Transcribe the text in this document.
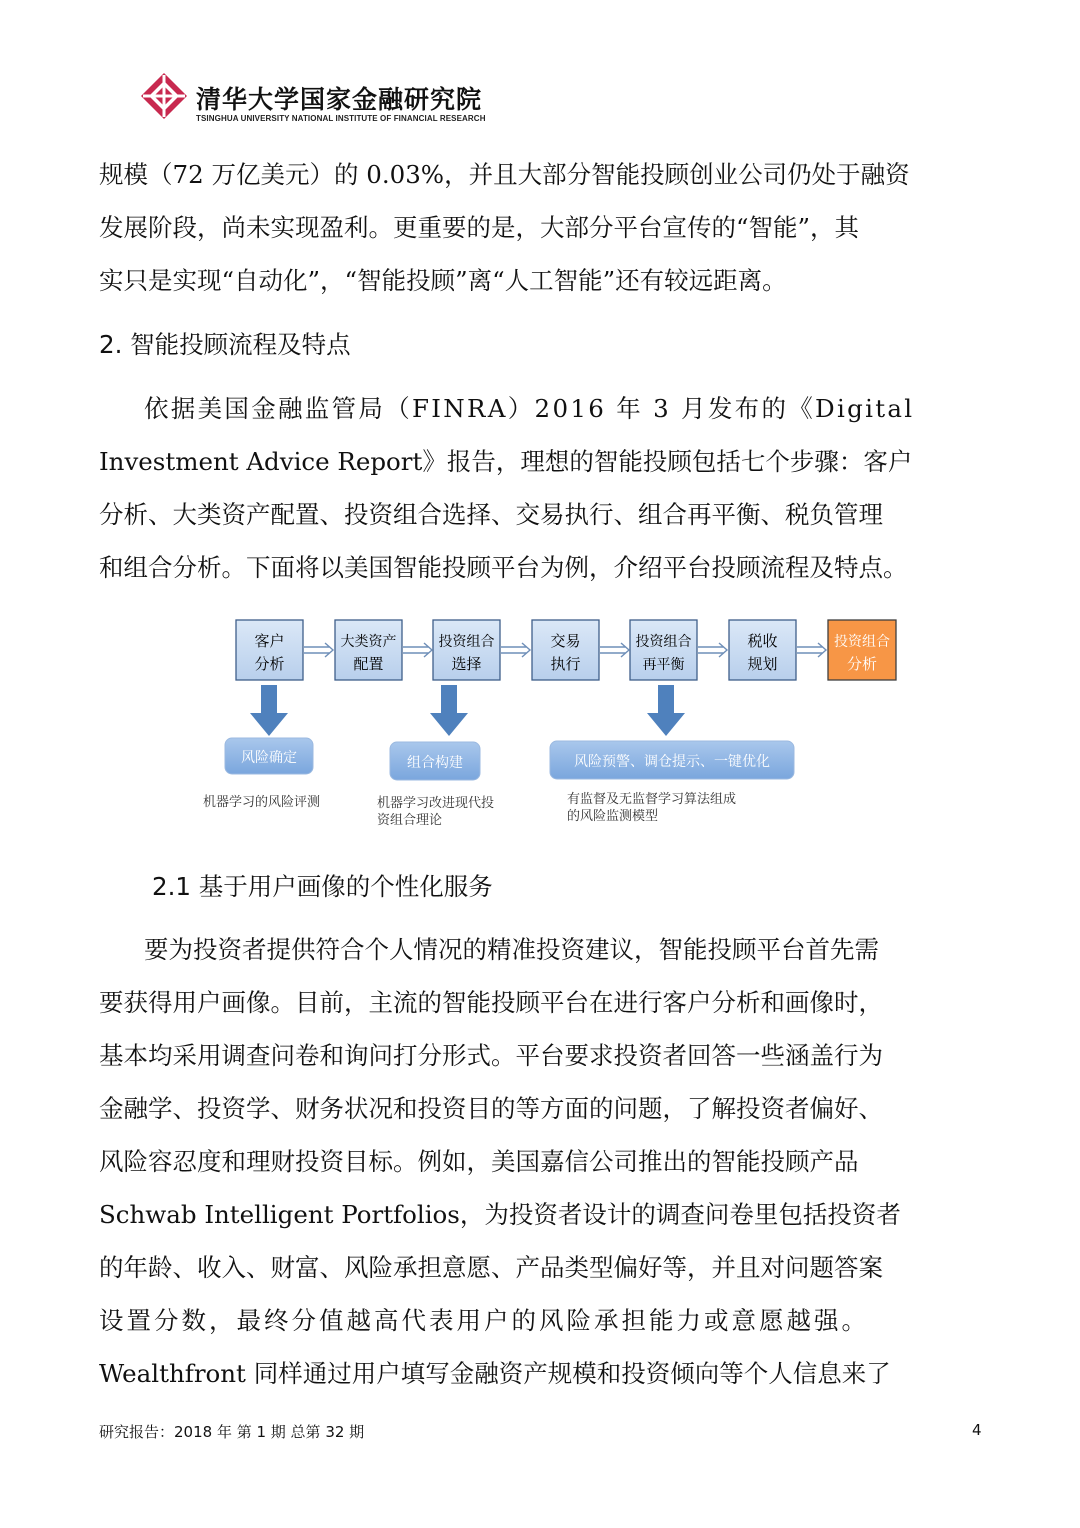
清华大学国家金融研究院
TSINGHUA UNIVERSITY NATIONAL INSTITUTE OF FINANCIAL RESEARCH
规模（72 万亿美元）的 0.03%，并且大部分智能投顾创业公司仍处于融资
发展阶段，尚未实现盈利。更重要的是，大部分平台宣传的“智能”，其
实只是实现“自动化”，“智能投顾”离“人工智能”还有较远距离。
2. 智能投顾流程及特点
依据美国金融监管局（FINRA）2016 年 3 月发布的《Digital
Investment Advice Report》报告，理想的智能投顾包括七个步骤：客户
分析、大类资产配置、投资组合选择、交易执行、组合再平衡、税负管理
和组合分析。下面将以美国智能投顾平台为例，介绍平台投顾流程及特点。
客户
分析
大类资产
配置
投资组合
选择
交易
执行
投资组合
再平衡
税收
规划
投资组合
分析
风险确定	组合构建	风险预警、调仓提示、一键优化
机器学习的风险评测	机器学习改进现代投
资组合理论
有监督及无监督学习算法组成
的风险监测模型
2.1 基于用户画像的个性化服务
要为投资者提供符合个人情况的精准投资建议，智能投顾平台首先需
要获得用户画像。目前，主流的智能投顾平台在进行客户分析和画像时，
基本均采用调查问卷和询问打分形式。平台要求投资者回答一些涵盖行为
金融学、投资学、财务状况和投资目的等方面的问题，了解投资者偏好、
风险容忍度和理财投资目标。例如，美国嘉信公司推出的智能投顾产品
Schwab Intelligent Portfolios，为投资者设计的调查问卷里包括投资者
的年龄、收入、财富、风险承担意愿、产品类型偏好等，并且对问题答案
设置分数，最终分值越高代表用户的风险承担能力或意愿越强。
Wealthfront 同样通过用户填写金融资产规模和投资倾向等个人信息来了
研究报告：2018 年 第 1 期 总第 32 期	4
